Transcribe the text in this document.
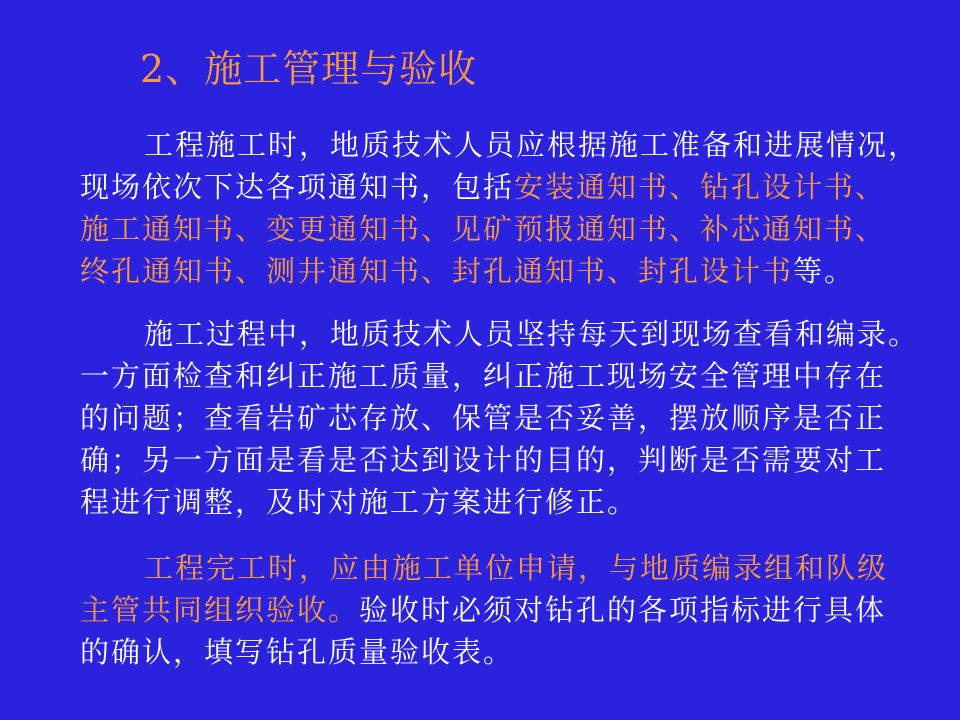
2、施工管理与验收
工程施工时，地质技术人员应根据施工准备和进展情况，
现场依次下达各项通知书，包括安装通知书、钻孔设计书、
施工通知书、变更通知书、见矿预报通知书、补芯通知书、
终孔通知书、测井通知书、封孔通知书、封孔设计书等。
施工过程中，地质技术人员坚持每天到现场查看和编录。
一方面检查和纠正施工质量，纠正施工现场安全管理中存在
的问题；查看岩矿芯存放、保管是否妥善，摆放顺序是否正
确；另一方面是看是否达到设计的目的，判断是否需要对工
程进行调整，及时对施工方案进行修正。
工程完工时，应由施工单位申请，与地质编录组和队级
主管共同组织验收。验收时必须对钻孔的各项指标进行具体
的确认，填写钻孔质量验收表。
